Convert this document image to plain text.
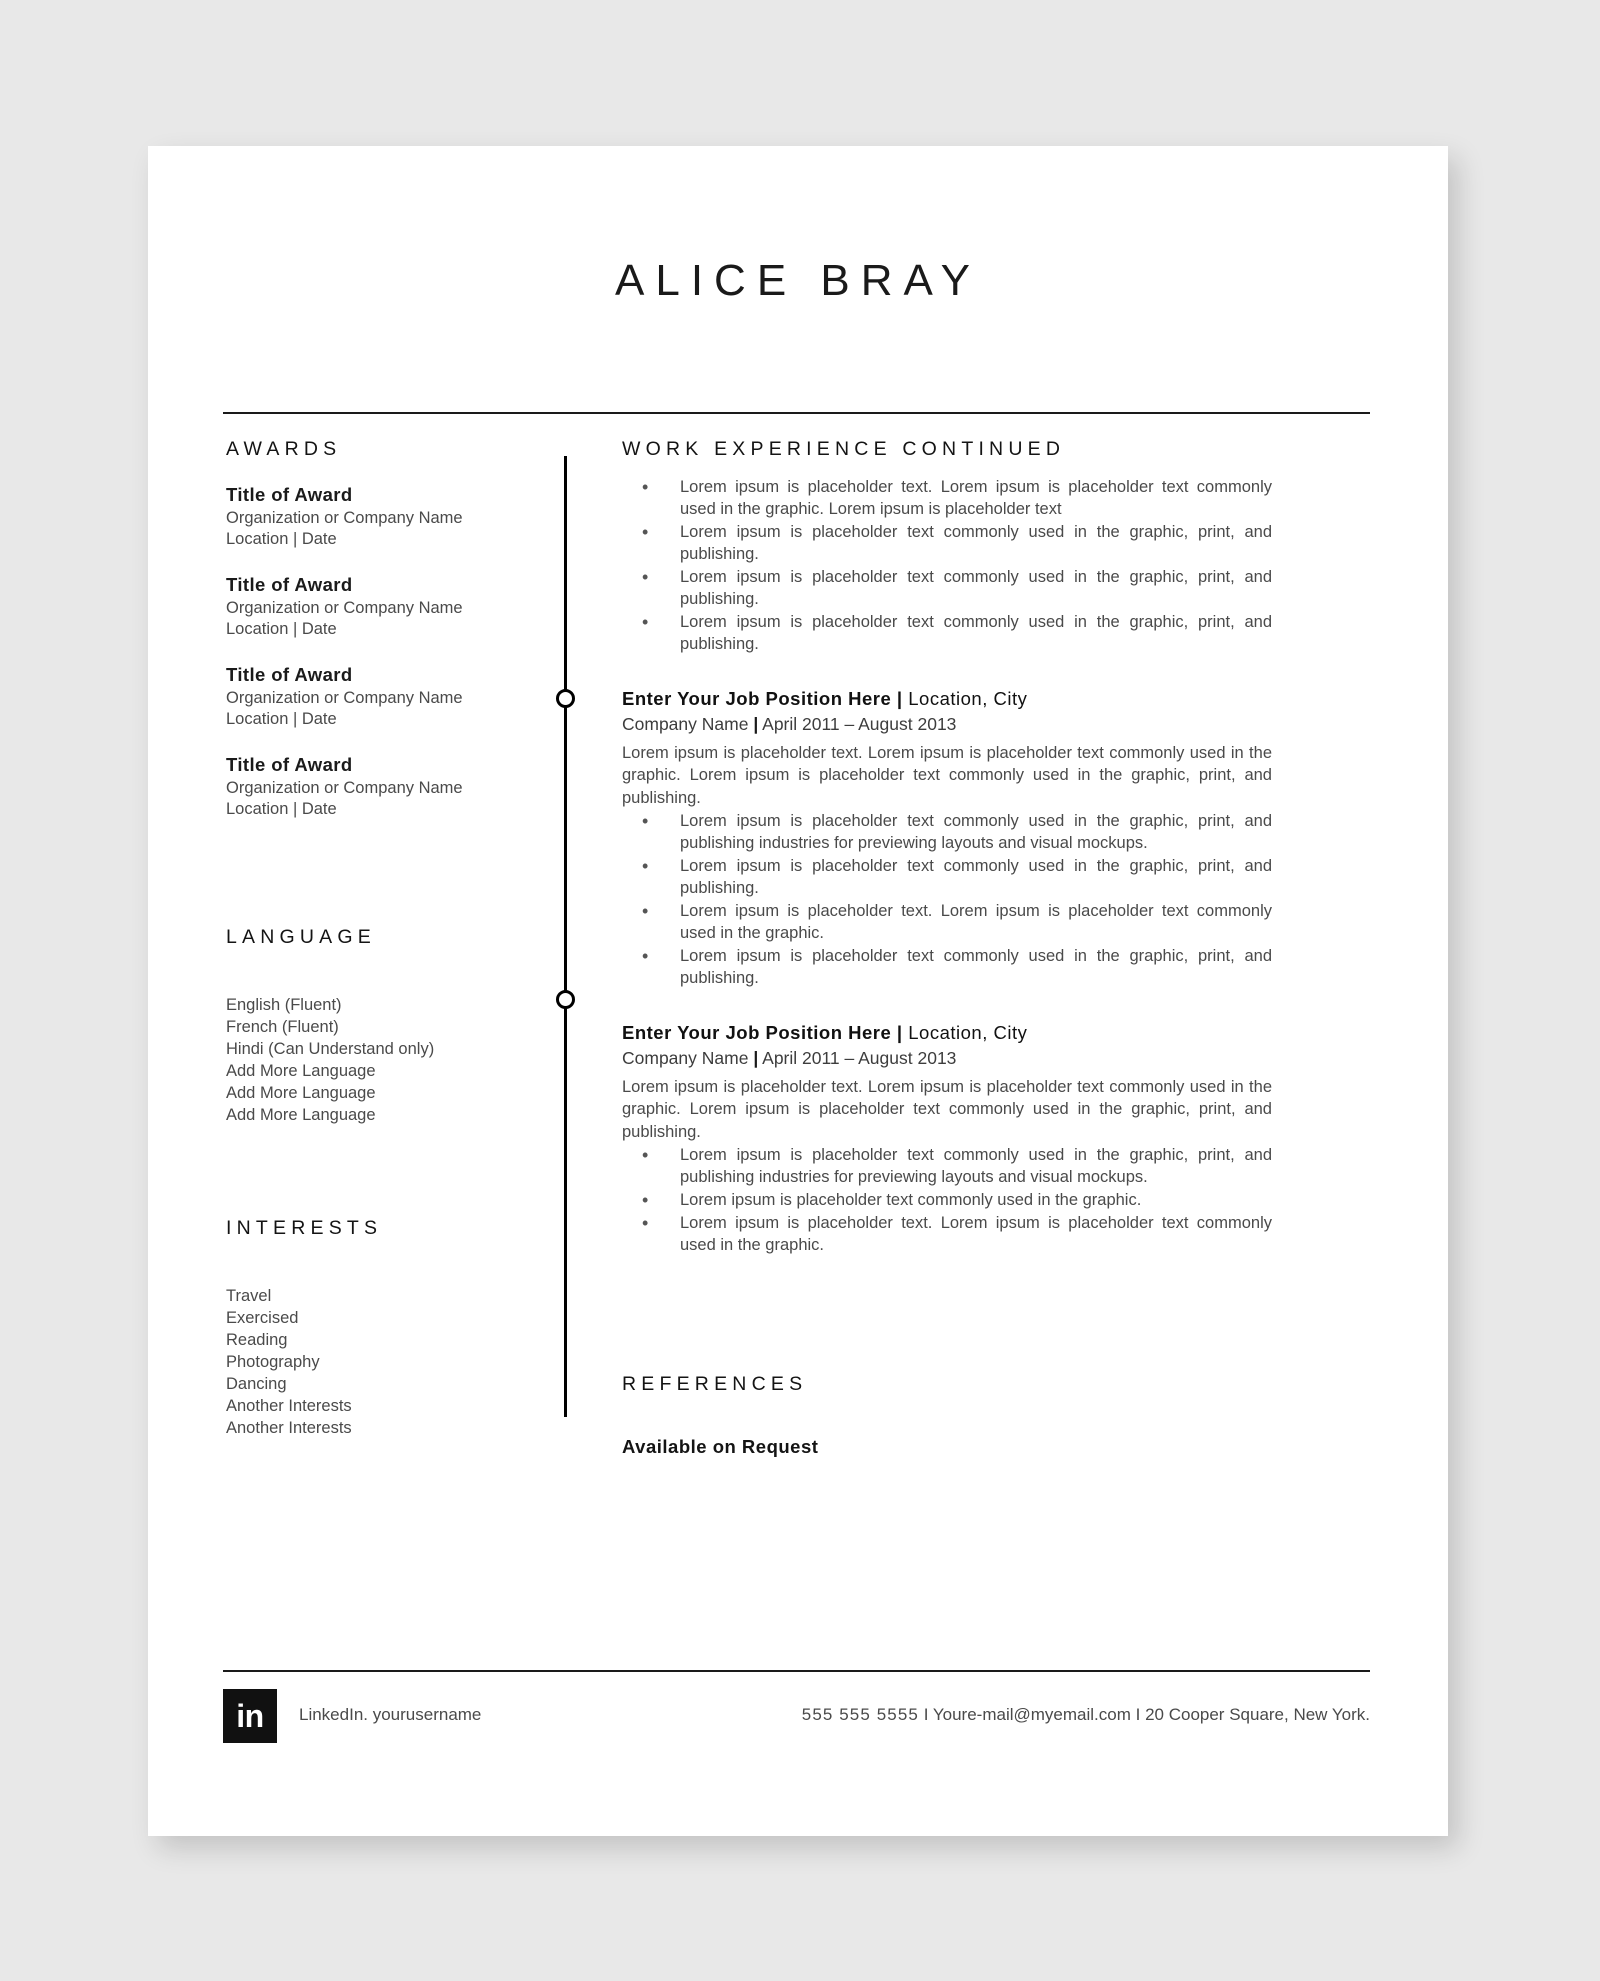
ALICE BRAY
AWARDS
Title of Award
Organization or Company Name
Location | Date
Title of Award
Organization or Company Name
Location | Date
Title of Award
Organization or Company Name
Location | Date
Title of Award
Organization or Company Name
Location | Date
LANGUAGE
English (Fluent)
French (Fluent)
Hindi (Can Understand only)
Add More Language
Add More Language
Add More Language
INTERESTS
Travel
Exercised
Reading
Photography
Dancing
Another Interests
Another Interests
WORK EXPERIENCE CONTINUED
• Lorem ipsum is placeholder text. Lorem ipsum is placeholder text commonly used in the graphic. Lorem ipsum is placeholder text
• Lorem ipsum is placeholder text commonly used in the graphic, print, and publishing.
• Lorem ipsum is placeholder text commonly used in the graphic, print, and publishing.
• Lorem ipsum is placeholder text commonly used in the graphic, print, and publishing.
Enter Your Job Position Here | Location, City
Company Name | April 2011 – August 2013
Lorem ipsum is placeholder text. Lorem ipsum is placeholder text commonly used in the graphic. Lorem ipsum is placeholder text commonly used in the graphic, print, and publishing.
• Lorem ipsum is placeholder text commonly used in the graphic, print, and publishing industries for previewing layouts and visual mockups.
• Lorem ipsum is placeholder text commonly used in the graphic, print, and publishing.
• Lorem ipsum is placeholder text. Lorem ipsum is placeholder text commonly used in the graphic.
• Lorem ipsum is placeholder text commonly used in the graphic, print, and publishing.
Enter Your Job Position Here | Location, City
Company Name | April 2011 – August 2013
Lorem ipsum is placeholder text. Lorem ipsum is placeholder text commonly used in the graphic. Lorem ipsum is placeholder text commonly used in the graphic, print, and publishing.
• Lorem ipsum is placeholder text commonly used in the graphic, print, and publishing industries for previewing layouts and visual mockups.
• Lorem ipsum is placeholder text commonly used in the graphic.
• Lorem ipsum is placeholder text. Lorem ipsum is placeholder text commonly used in the graphic.
REFERENCES
Available on Request
in	LinkedIn. yourusername	555 555 5555 I Youre-mail@myemail.com I 20 Cooper Square, New York.
